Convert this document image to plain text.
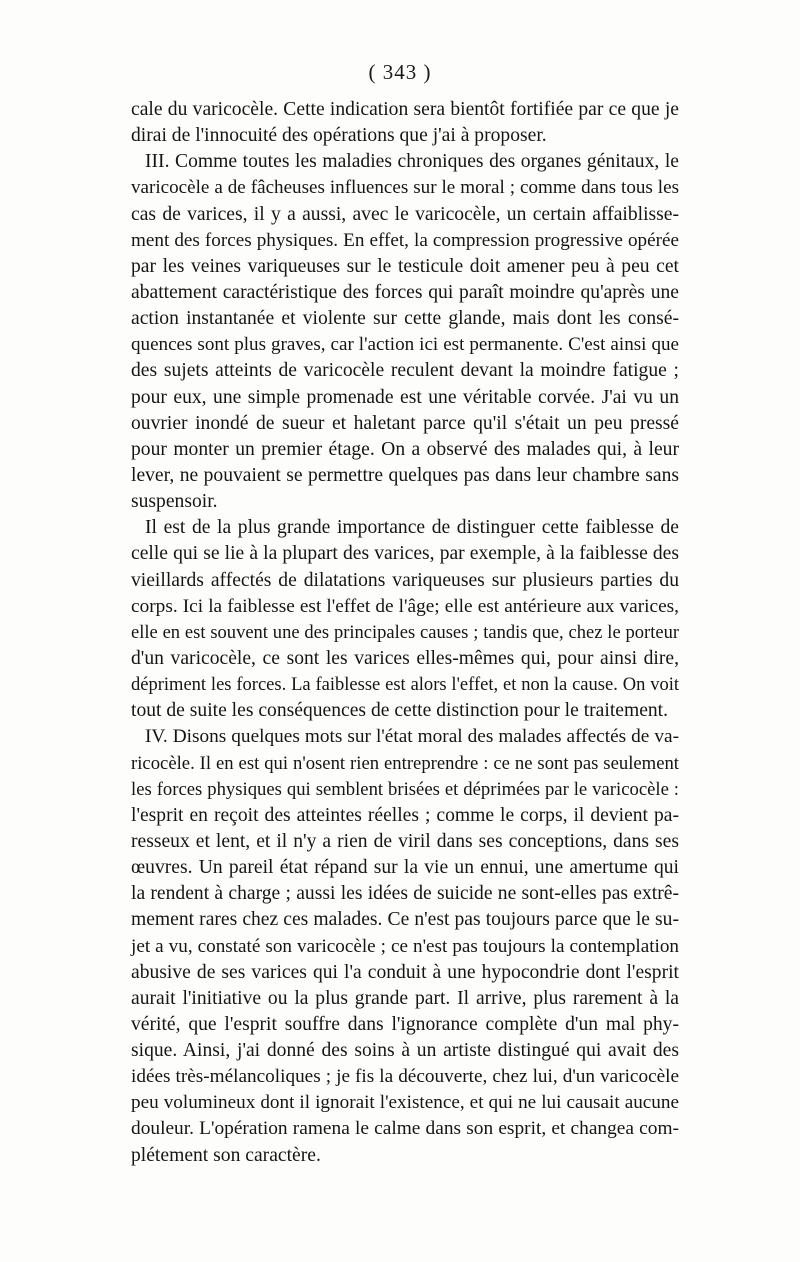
( 343 )
cale du varicocèle. Cette indication sera bientôt fortifiée par ce que je
dirai de l'innocuité des opérations que j'ai à proposer.
III. Comme toutes les maladies chroniques des organes génitaux, le
varicocèle a de fâcheuses influences sur le moral ; comme dans tous les
cas de varices, il y a aussi, avec le varicocèle, un certain affaiblisse-
ment des forces physiques. En effet, la compression progressive opérée
par les veines variqueuses sur le testicule doit amener peu à peu cet
abattement caractéristique des forces qui paraît moindre qu'après une
action instantanée et violente sur cette glande, mais dont les consé-
quences sont plus graves, car l'action ici est permanente. C'est ainsi que
des sujets atteints de varicocèle reculent devant la moindre fatigue ;
pour eux, une simple promenade est une véritable corvée. J'ai vu un
ouvrier inondé de sueur et haletant parce qu'il s'était un peu pressé
pour monter un premier étage. On a observé des malades qui, à leur
lever, ne pouvaient se permettre quelques pas dans leur chambre sans
suspensoir.
Il est de la plus grande importance de distinguer cette faiblesse de
celle qui se lie à la plupart des varices, par exemple, à la faiblesse des
vieillards affectés de dilatations variqueuses sur plusieurs parties du
corps. Ici la faiblesse est l'effet de l'âge; elle est antérieure aux varices,
elle en est souvent une des principales causes ; tandis que, chez le porteur
d'un varicocèle, ce sont les varices elles-mêmes qui, pour ainsi dire,
dépriment les forces. La faiblesse est alors l'effet, et non la cause. On voit
tout de suite les conséquences de cette distinction pour le traitement.
IV. Disons quelques mots sur l'état moral des malades affectés de va-
ricocèle. Il en est qui n'osent rien entreprendre : ce ne sont pas seulement
les forces physiques qui semblent brisées et déprimées par le varicocèle :
l'esprit en reçoit des atteintes réelles ; comme le corps, il devient pa-
resseux et lent, et il n'y a rien de viril dans ses conceptions, dans ses
œuvres. Un pareil état répand sur la vie un ennui, une amertume qui
la rendent à charge ; aussi les idées de suicide ne sont-elles pas extrê-
mement rares chez ces malades. Ce n'est pas toujours parce que le su-
jet a vu, constaté son varicocèle ; ce n'est pas toujours la contemplation
abusive de ses varices qui l'a conduit à une hypocondrie dont l'esprit
aurait l'initiative ou la plus grande part. Il arrive, plus rarement à la
vérité, que l'esprit souffre dans l'ignorance complète d'un mal phy-
sique. Ainsi, j'ai donné des soins à un artiste distingué qui avait des
idées très-mélancoliques ; je fis la découverte, chez lui, d'un varicocèle
peu volumineux dont il ignorait l'existence, et qui ne lui causait aucune
douleur. L'opération ramena le calme dans son esprit, et changea com-
plétement son caractère.
